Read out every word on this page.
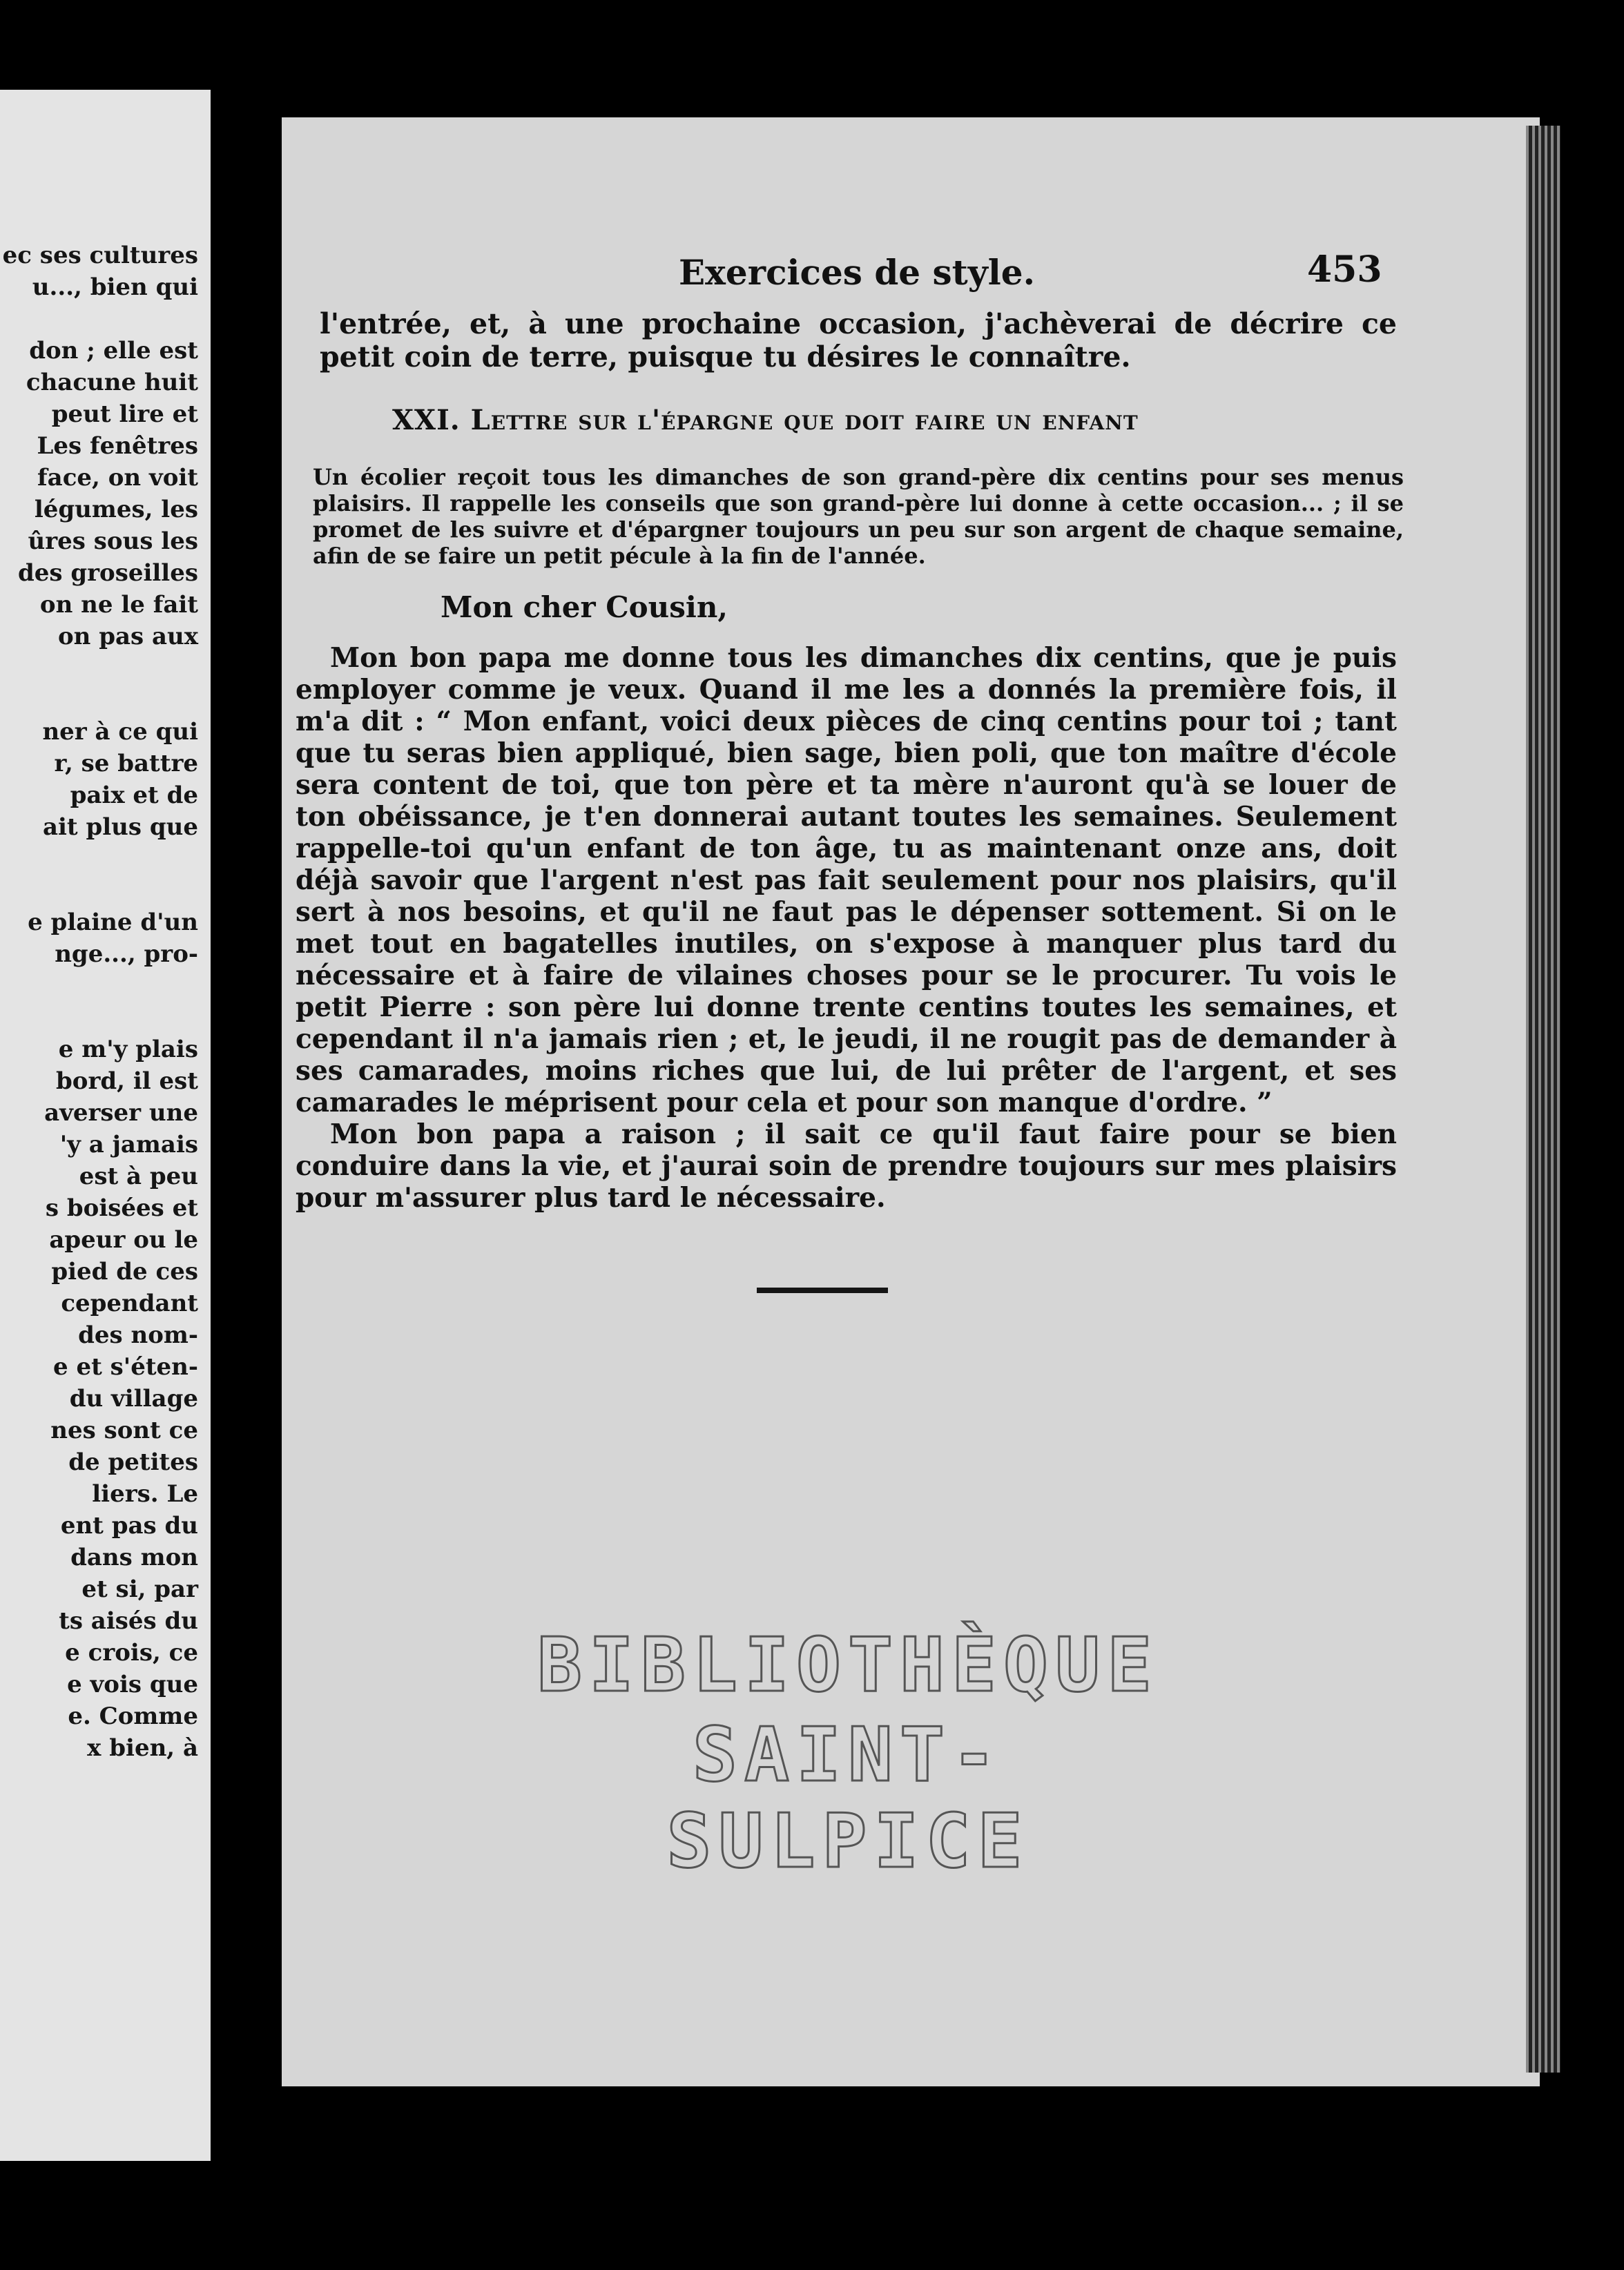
ec ses cultures
u..., bien qui
don ; elle est
chacune huit
peut lire et
Les fenêtres
face, on voit
légumes, les
ûres sous les
des groseilles
on ne le fait
on pas aux
ner à ce qui
r, se battre
paix et de
ait plus que
e plaine d'un
nge..., pro-
e m'y plais
bord, il est
averser une
'y a jamais
est à peu
s boisées et
apeur ou le
pied de ces
cependant
des nom-
e et s'éten-
du village
nes sont ce
de petites
liers. Le
ent pas du
dans mon
et si, par
ts aisés du
e crois, ce
e vois que
e. Comme
x bien, à
Exercices de style.	453
l'entrée, et, à une prochaine occasion, j'achèverai de décrire ce petit coin de terre, puisque tu désires le connaître.
XXI. Lettre sur l'épargne que doit faire un enfant
Un écolier reçoit tous les dimanches de son grand-père dix centins pour ses menus plaisirs. Il rappelle les conseils que son grand-père lui donne à cette occasion... ; il se promet de les suivre et d'épargner toujours un peu sur son argent de chaque semaine, afin de se faire un petit pécule à la fin de l'année.
Mon cher Cousin,

Mon bon papa me donne tous les dimanches dix centins, que je puis employer comme je veux. Quand il me les a donnés la première fois, il m'a dit : “ Mon enfant, voici deux pièces de cinq centins pour toi ; tant que tu seras bien appliqué, bien sage, bien poli, que ton maître d'école sera content de toi, que ton père et ta mère n'auront qu'à se louer de ton obéissance, je t'en donnerai autant toutes les semaines. Seulement rappelle-toi qu'un enfant de ton âge, tu as maintenant onze ans, doit déjà savoir que l'argent n'est pas fait seulement pour nos plaisirs, qu'il sert à nos besoins, et qu'il ne faut pas le dépenser sottement. Si on le met tout en bagatelles inutiles, on s'expose à manquer plus tard du nécessaire et à faire de vilaines choses pour se le procurer. Tu vois le petit Pierre : son père lui donne trente centins toutes les semaines, et cependant il n'a jamais rien ; et, le jeudi, il ne rougit pas de demander à ses camarades, moins riches que lui, de lui prêter de l'argent, et ses camarades le méprisent pour cela et pour son manque d'ordre. ”

Mon bon papa a raison ; il sait ce qu'il faut faire pour se bien conduire dans la vie, et j'aurai soin de prendre toujours sur mes plaisirs pour m'assurer plus tard le nécessaire.

BIBLIOTHÈQUE
SAINT-SULPICE
